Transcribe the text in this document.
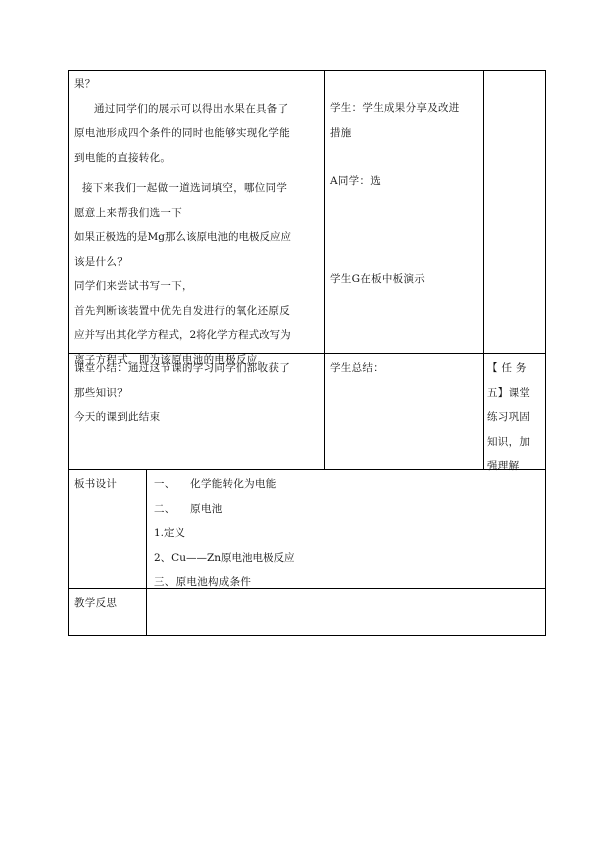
果？

通过同学们的展示可以得出水果在具备了

原电池形成四个条件的同时也能够实现化学能

到电能的直接转化。

接下来我们一起做一道选词填空，哪位同学

愿意上来帮我们选一下

如果正极选的是Mg那么该原电池的电极反应应

该是什么？

同学们来尝试书写一下，

首先判断该装置中优先自发进行的氧化还原反

应并写出其化学方程式，2将化学方程式改写为

离子方程式。即为该原电池的电极反应。

学生：学生成果分享及改进

措施

A同学：选

学生G在板中板演示

课堂小结：通过这节课的学习同学们都收获了

那些知识？

今天的课到此结束

学生总结：	【 任 务

五】课堂

练习巩固

知识，加

强理解

板书设计	一、    化学能转化为电能

二、    原电池

1.定义

2、Cu——Zn原电池电极反应

三、原电池构成条件

教学反思
